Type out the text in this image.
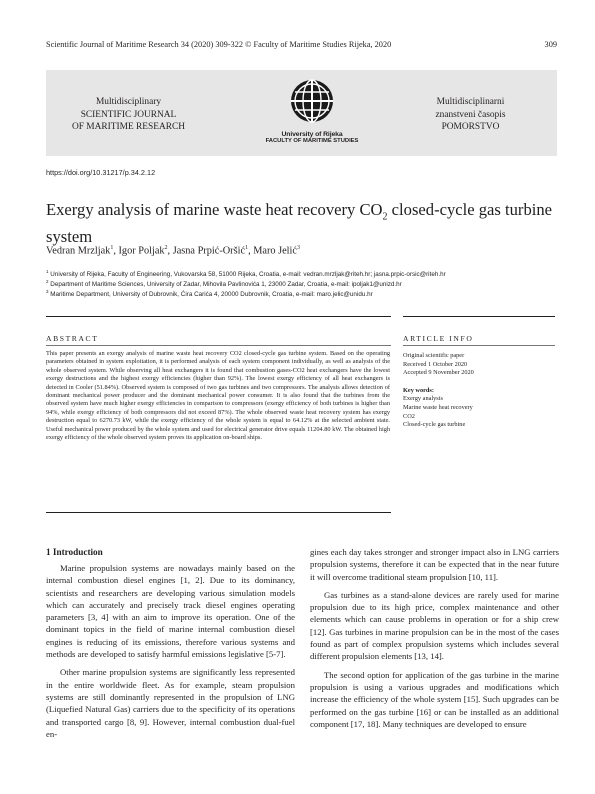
Scientific Journal of Maritime Research 34 (2020) 309-322 © Faculty of Maritime Studies Rijeka, 2020	309
Multidisciplinary
SCIENTIFIC JOURNAL
OF MARITIME RESEARCH
University of Rijeka
FACULTY OF MARITIME STUDIES
Multidisciplinarni
znanstveni časopis
POMORSTVO
https://doi.org/10.31217/p.34.2.12
Exergy analysis of marine waste heat recovery $CO_2$ closed-cycle gas turbine system
Vedran Mrzljak$^1$, Igor Poljak$^2$, Jasna Prpić-Oršić$^1$, Maro Jelić$^3$
$^1$ University of Rijeka, Faculty of Engineering, Vukovarska 58, 51000 Rijeka, Croatia, e-mail: vedran.mrzljak@riteh.hr; jasna.prpic-orsic@riteh.hr
$^2$ Department of Maritime Sciences, University of Zadar, Mihovila Pavlinovića 1, 23000 Zadar, Croatia, e-mail: ipoljak1@unizd.hr
$^3$ Maritime Department, University of Dubrovnik, Ćira Carića 4, 20000 Dubrovnik, Croatia, e-mail: maro.jelic@unidu.hr
ABSTRACT	ARTICLE INFO
This paper presents an exergy analysis of marine waste heat recovery CO2 closed-cycle gas turbine system. Based on the operating parameters obtained in system exploitation, it is performed analysis of each system component individually, as well as analysis of the whole observed system. While observing all heat exchangers it is found that combustion gases-CO2 heat exchangers have the lowest exergy destructions and the highest exergy efficiencies (higher than 92%). The lowest exergy efficiency of all heat exchangers is detected in Cooler (51.84%). Observed system is composed of two gas turbines and two compressors. The analysis allows detection of dominant mechanical power producer and the dominant mechanical power consumer. It is also found that the turbines from the observed system have much higher exergy efficiencies in comparison to compressors (exergy efficiency of both turbines is higher than 94%, while exergy efficiency of both compressors did not exceed 87%). The whole observed waste heat recovery system has exergy destruction equal to 6270.73 kW, while the exergy efficiency of the whole system is equal to 64.12% at the selected ambient state. Useful mechanical power produced by the whole system and used for electrical generator drive equals 11204.80 kW. The obtained high exergy efficiency of the whole observed system proves its application on-board ships.
Original scientific paper
Received 1 October 2020
Accepted 9 November 2020
Key words:
Exergy analysis
Marine waste heat recovery
CO2
Closed-cycle gas turbine
1 Introduction

Marine propulsion systems are nowadays mainly based on the internal combustion diesel engines [1, 2]. Due to its dominancy, scientists and researchers are developing various simulation models which can accurately and precisely track diesel engines operating parameters [3, 4] with an aim to improve its operation. One of the dominant topics in the field of marine internal combustion diesel engines is reducing of its emissions, therefore various systems and methods are developed to satisfy harmful emissions legislative [5-7].

Other marine propulsion systems are significantly less represented in the entire worldwide fleet. As for example, steam propulsion systems are still dominantly represented in the propulsion of LNG (Liquefied Natural Gas) carriers due to the specificity of its operations and transported cargo [8, 9]. However, internal combustion dual-fuel en-

gines each day takes stronger and stronger impact also in LNG carriers propulsion systems, therefore it can be expected that in the near future it will overcome traditional steam propulsion [10, 11].

Gas turbines as a stand-alone devices are rarely used for marine propulsion due to its high price, complex maintenance and other elements which can cause problems in operation or for a ship crew [12]. Gas turbines in marine propulsion can be in the most of the cases found as part of complex propulsion systems which includes several different propulsion elements [13, 14].

The second option for application of the gas turbine in the marine propulsion is using a various upgrades and modifications which increase the efficiency of the whole system [15]. Such upgrades can be performed on the gas turbine [16] or can be installed as an additional component [17, 18]. Many techniques are developed to ensure
